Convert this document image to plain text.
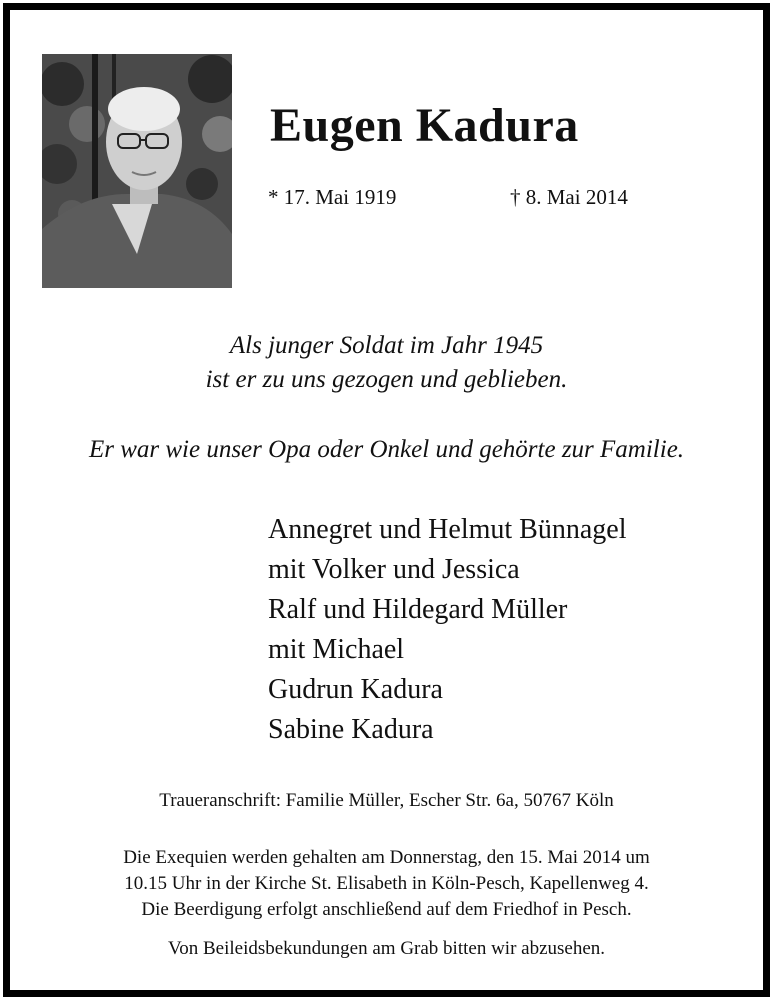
Eugen Kadura
* 17. Mai 1919	† 8. Mai 2014
Als junger Soldat im Jahr 1945
ist er zu uns gezogen und geblieben.
Er war wie unser Opa oder Onkel und gehörte zur Familie.
Annegret und Helmut Bünnagel
mit Volker und Jessica
Ralf und Hildegard Müller
mit Michael
Gudrun Kadura
Sabine Kadura
Traueranschrift: Familie Müller, Escher Str. 6a, 50767 Köln
Die Exequien werden gehalten am Donnerstag, den 15. Mai 2014 um
10.15 Uhr in der Kirche St. Elisabeth in Köln-Pesch, Kapellenweg 4.
Die Beerdigung erfolgt anschließend auf dem Friedhof in Pesch.
Von Beileidsbekundungen am Grab bitten wir abzusehen.
